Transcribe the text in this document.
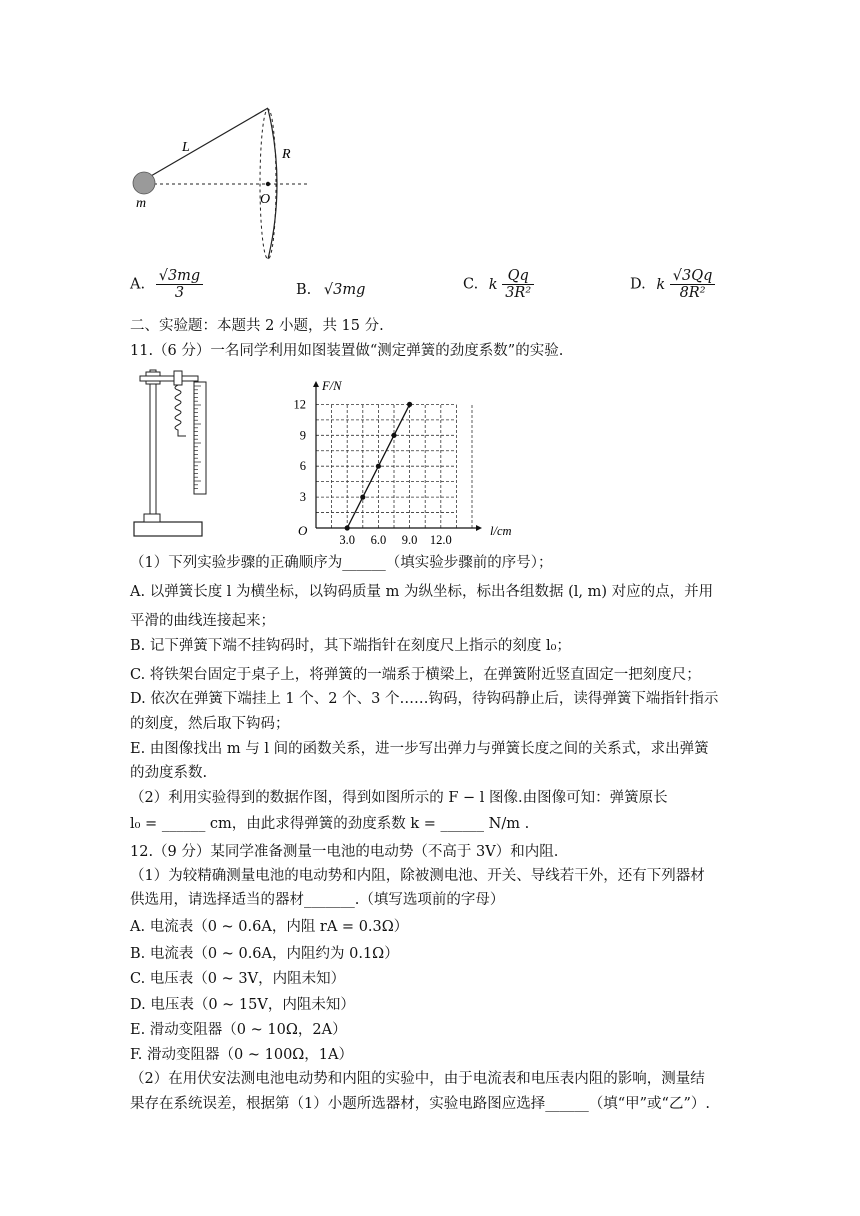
L	R
O
m
A. $\frac{√3mg}{3}$	B. √3mg	C. k $\frac{Qq}{\text{3R²}}$	D. k $\frac{√3Qq}{\text{8R²}}$
二、实验题：本题共 2 小题，共 15 分.
11.（6 分）一名同学利用如图装置做“测定弹簧的劲度系数”的实验.
3.0 6.0 9.0 12.0
3
6
9
12
F/N
l/cm
O
（1）下列实验步骤的正确顺序为______（填实验步骤前的序号）；
A. 以弹簧长度 l 为横坐标，以钩码质量 m 为纵坐标，标出各组数据 (l, m) 对应的点，并用
平滑的曲线连接起来；
B. 记下弹簧下端不挂钩码时，其下端指针在刻度尺上指示的刻度 l₀；
C. 将铁架台固定于桌子上，将弹簧的一端系于横梁上，在弹簧附近竖直固定一把刻度尺；
D. 依次在弹簧下端挂上 1 个、2 个、3 个……钩码，待钩码静止后，读得弹簧下端指针指示
的刻度，然后取下钩码；
E. 由图像找出 m 与 l 间的函数关系，进一步写出弹力与弹簧长度之间的关系式，求出弹簧
的劲度系数.
（2）利用实验得到的数据作图，得到如图所示的 F − l 图像.由图像可知：弹簧原长
l₀ = ______ cm，由此求得弹簧的劲度系数 k = ______ N/m .
12.（9 分）某同学准备测量一电池的电动势（不高于 3V）和内阻.
（1）为较精确测量电池的电动势和内阻，除被测电池、开关、导线若干外，还有下列器材
供选用，请选择适当的器材_______.（填写选项前的字母）
A. 电流表（0 ~ 0.6A，内阻 rA = 0.3Ω）
B. 电流表（0 ~ 0.6A，内阻约为 0.1Ω）
C. 电压表（0 ~ 3V，内阻未知）
D. 电压表（0 ~ 15V，内阻未知）
E. 滑动变阻器（0 ~ 10Ω，2A）
F. 滑动变阻器（0 ~ 100Ω，1A）
（2）在用伏安法测电池电动势和内阻的实验中，由于电流表和电压表内阻的影响，测量结
果存在系统误差，根据第（1）小题所选器材，实验电路图应选择______（填“甲”或“乙”）.
